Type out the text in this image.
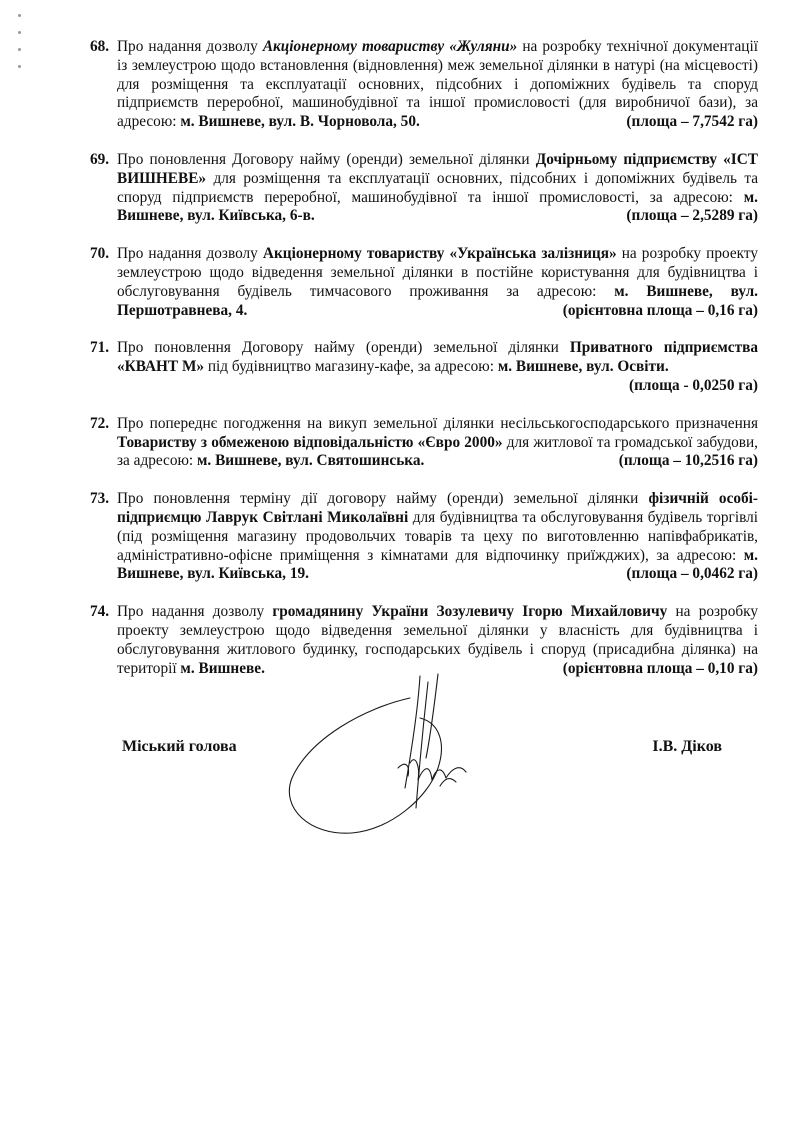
68. Про надання дозволу Акціонерному товариству «Жуляни» на розробку технічної документації із землеустрою щодо встановлення (відновлення) меж земельної ділянки в натурі (на місцевості) для розміщення та експлуатації основних, підсобних і допоміжних будівель та споруд підприємств переробної, машинобудівної та іншої промисловості (для виробничої бази), за адресою: м. Вишневе, вул. В. Чорновола, 50.	(площа – 7,7542 га)
69. Про поновлення Договору найму (оренди) земельної ділянки Дочірньому підприємству «ІСТ ВИШНЕВЕ» для розміщення та експлуатації основних, підсобних і допоміжних будівель та споруд підприємств переробної, машинобудівної та іншої промисловості, за адресою: м. Вишневе, вул. Київська, 6-в.	(площа – 2,5289 га)
70. Про надання дозволу Акціонерному товариству «Українська залізниця» на розробку проекту землеустрою щодо відведення земельної ділянки в постійне користування для будівництва і обслуговування будівель тимчасового проживання за адресою: м. Вишневе, вул. Першотравнева, 4.	(орієнтовна площа – 0,16 га)
71. Про поновлення Договору найму (оренди) земельної ділянки Приватного підприємства «КВАНТ М» під будівництво магазину-кафе, за адресою: м. Вишневе, вул. Освіти.
(площа - 0,0250 га)
72. Про попереднє погодження на викуп земельної ділянки несільськогосподарського призначення Товариству з обмеженою відповідальністю «Євро 2000» для житлової та громадської забудови, за адресою: м. Вишневе, вул. Святошинська.	(площа – 10,2516 га)
73. Про поновлення терміну дії договору найму (оренди) земельної ділянки фізичній особі-підприємцю Лаврук Світлані Миколаївні для будівництва та обслуговування будівель торгівлі (під розміщення магазину продовольчих товарів та цеху по виготовленню напівфабрикатів, адміністративно-офісне приміщення з кімнатами для відпочинку приїжджих), за адресою: м. Вишневе, вул. Київська, 19.	(площа – 0,0462 га)
74. Про надання дозволу громадянину України Зозулевичу Ігорю Михайловичу на розробку проекту землеустрою щодо відведення земельної ділянки у власність для будівництва і обслуговування житлового будинку, господарських будівель і споруд (присадибна ділянка) на території м. Вишневе.	(орієнтовна площа – 0,10 га)
Міський голова	І.В. Діков
